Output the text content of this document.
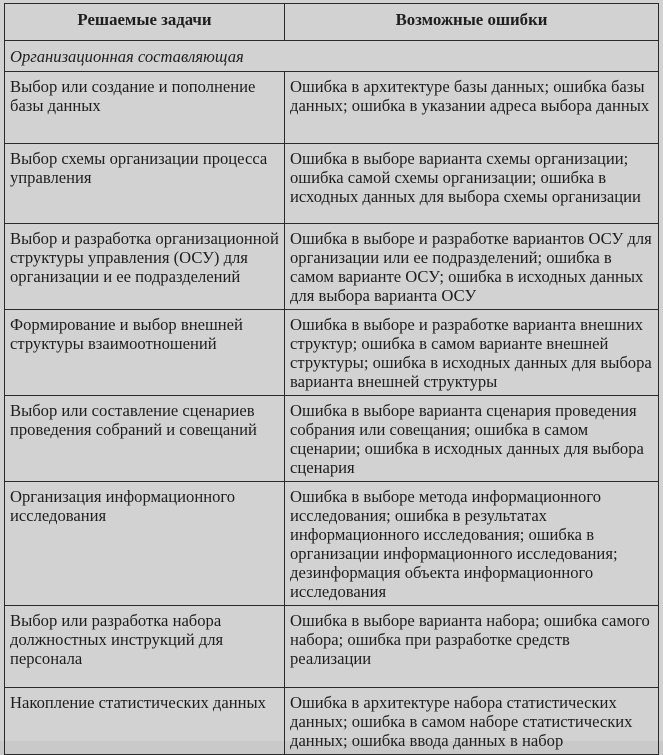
Решаемые задачи	Возможные ошибки
Организационная составляющая	
Выбор или создание и пополнение базы данных	Ошибка в архитектуре базы данных; ошибка базы данных; ошибка в указании адреса выбора данных
Выбор схемы организации процесса управления	Ошибка в выборе варианта схемы организации; ошибка самой схемы организации; ошибка в исходных данных для выбора схемы организации
Выбор и разработка организационной структуры управления (ОСУ) для организации и ее подразделений	Ошибка в выборе и разработке вариантов ОСУ для организации или ее подразделений; ошибка в самом варианте ОСУ; ошибка в исходных данных для выбора варианта ОСУ
Формирование и выбор внешней структуры взаимоотношений	Ошибка в выборе и разработке варианта внешних структур; ошибка в самом варианте внешней структуры; ошибка в исходных данных для выбора варианта внешней структуры
Выбор или составление сценариев проведения собраний и совещаний	Ошибка в выборе варианта сценария проведения собрания или совещания; ошибка в самом сценарии; ошибка в исходных данных для выбора сценария
Организация информационного исследования	Ошибка в выборе метода информационного исследования; ошибка в результатах информационного исследования; ошибка в организации информационного исследования; дезинформация объекта информационного исследования
Выбор или разработка набора должностных инструкций для персонала	Ошибка в выборе варианта набора; ошибка самого набора; ошибка при разработке средств реализации
Накопление статистических данных	Ошибка в архитектуре набора статистических данных; ошибка в самом наборе статистических данных; ошибка ввода данных в набор
